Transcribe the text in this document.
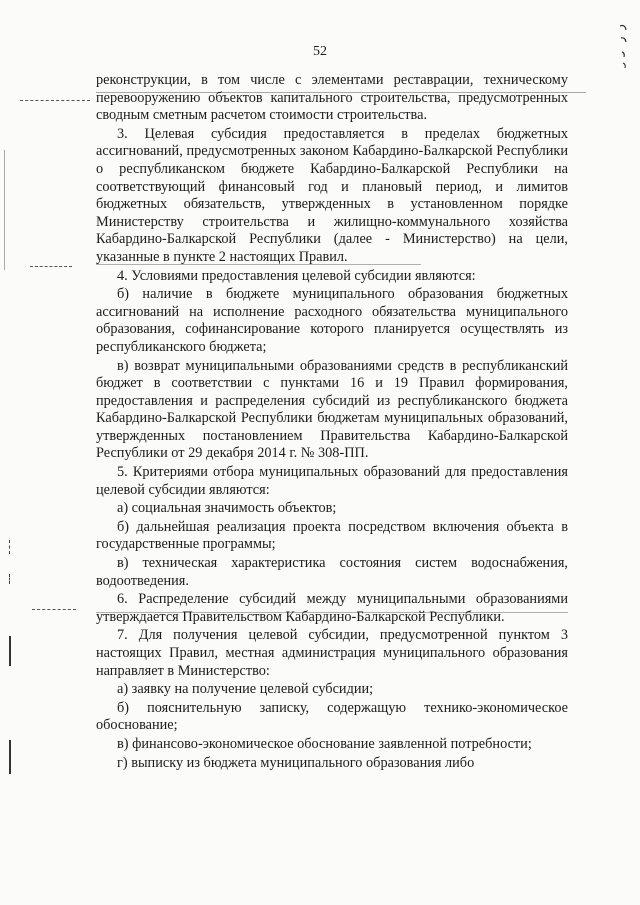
52

реконструкции, в том числе с элементами реставрации, техническому перевооружению объектов капитального строительства, предусмотренных сводным сметным расчетом стоимости строительства.

3. Целевая субсидия предоставляется в пределах бюджетных ассигнований, предусмотренных законом Кабардино-Балкарской Республики о республиканском бюджете Кабардино-Балкарской Республики на соответствующий финансовый год и плановый период, и лимитов бюджетных обязательств, утвержденных в установленном порядке Министерству строительства и жилищно-коммунального хозяйства Кабардино-Балкарской Республики (далее - Министерство) на цели, указанные в пункте 2 настоящих Правил.

4. Условиями предоставления целевой субсидии являются:

б) наличие в бюджете муниципального образования бюджетных ассигнований на исполнение расходного обязательства муниципального образования, софинансирование которого планируется осуществлять из республиканского бюджета;

в) возврат муниципальными образованиями средств в республиканский бюджет в соответствии с пунктами 16 и 19 Правил формирования, предоставления и распределения субсидий из республиканского бюджета Кабардино-Балкарской Республики бюджетам муниципальных образований, утвержденных постановлением Правительства Кабардино-Балкарской Республики от 29 декабря 2014 г. № 308-ПП.

5. Критериями отбора муниципальных образований для предоставления целевой субсидии являются:

а) социальная значимость объектов;

б) дальнейшая реализация проекта посредством включения объекта в государственные программы;

в) техническая характеристика состояния систем водоснабжения, водоотведения.

6. Распределение субсидий между муниципальными образованиями утверждается Правительством Кабардино-Балкарской Республики.

7. Для получения целевой субсидии, предусмотренной пунктом 3 настоящих Правил, местная администрация муниципального образования направляет в Министерство:

а) заявку на получение целевой субсидии;

б) пояснительную записку, содержащую технико-экономическое обоснование;

в) финансово-экономическое обоснование заявленной потребности;

г) выписку из бюджета муниципального образования либо
